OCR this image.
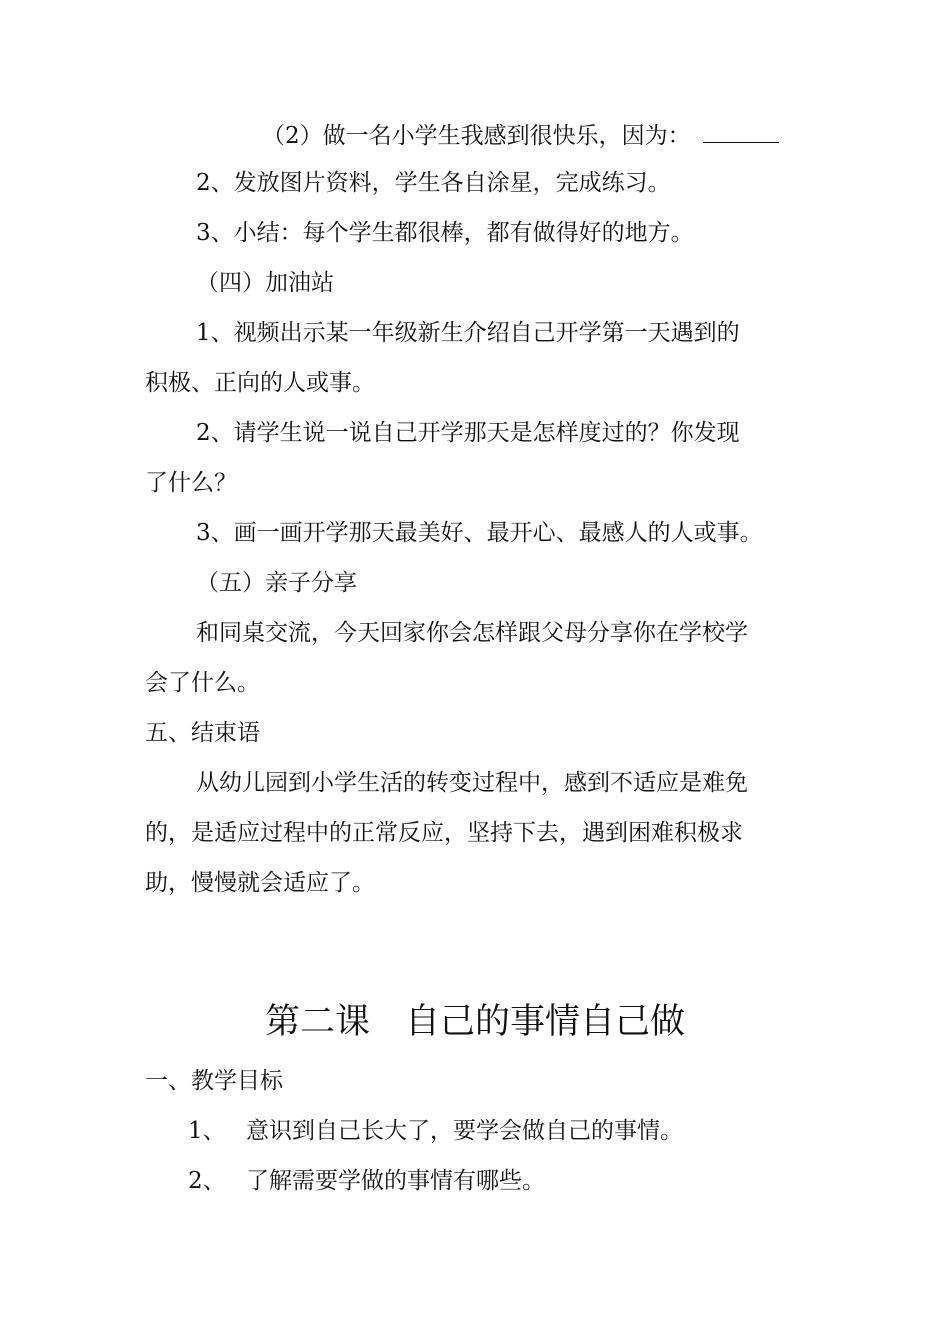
（2）做一名小学生我感到很快乐，因为：
2、发放图片资料，学生各自涂星，完成练习。
3、小结：每个学生都很棒，都有做得好的地方。
（四）加油站
1、视频出示某一年级新生介绍自己开学第一天遇到的
积极、正向的人或事。
2、请学生说一说自己开学那天是怎样度过的？你发现
了什么？
3、画一画开学那天最美好、最开心、最感人的人或事。
（五）亲子分享
和同桌交流，今天回家你会怎样跟父母分享你在学校学
会了什么。
五、结束语
从幼儿园到小学生活的转变过程中，感到不适应是难免
的，是适应过程中的正常反应，坚持下去，遇到困难积极求
助，慢慢就会适应了。
第二课　自己的事情自己做
一、教学目标
1、 意识到自己长大了，要学会做自己的事情。
2、 了解需要学做的事情有哪些。
